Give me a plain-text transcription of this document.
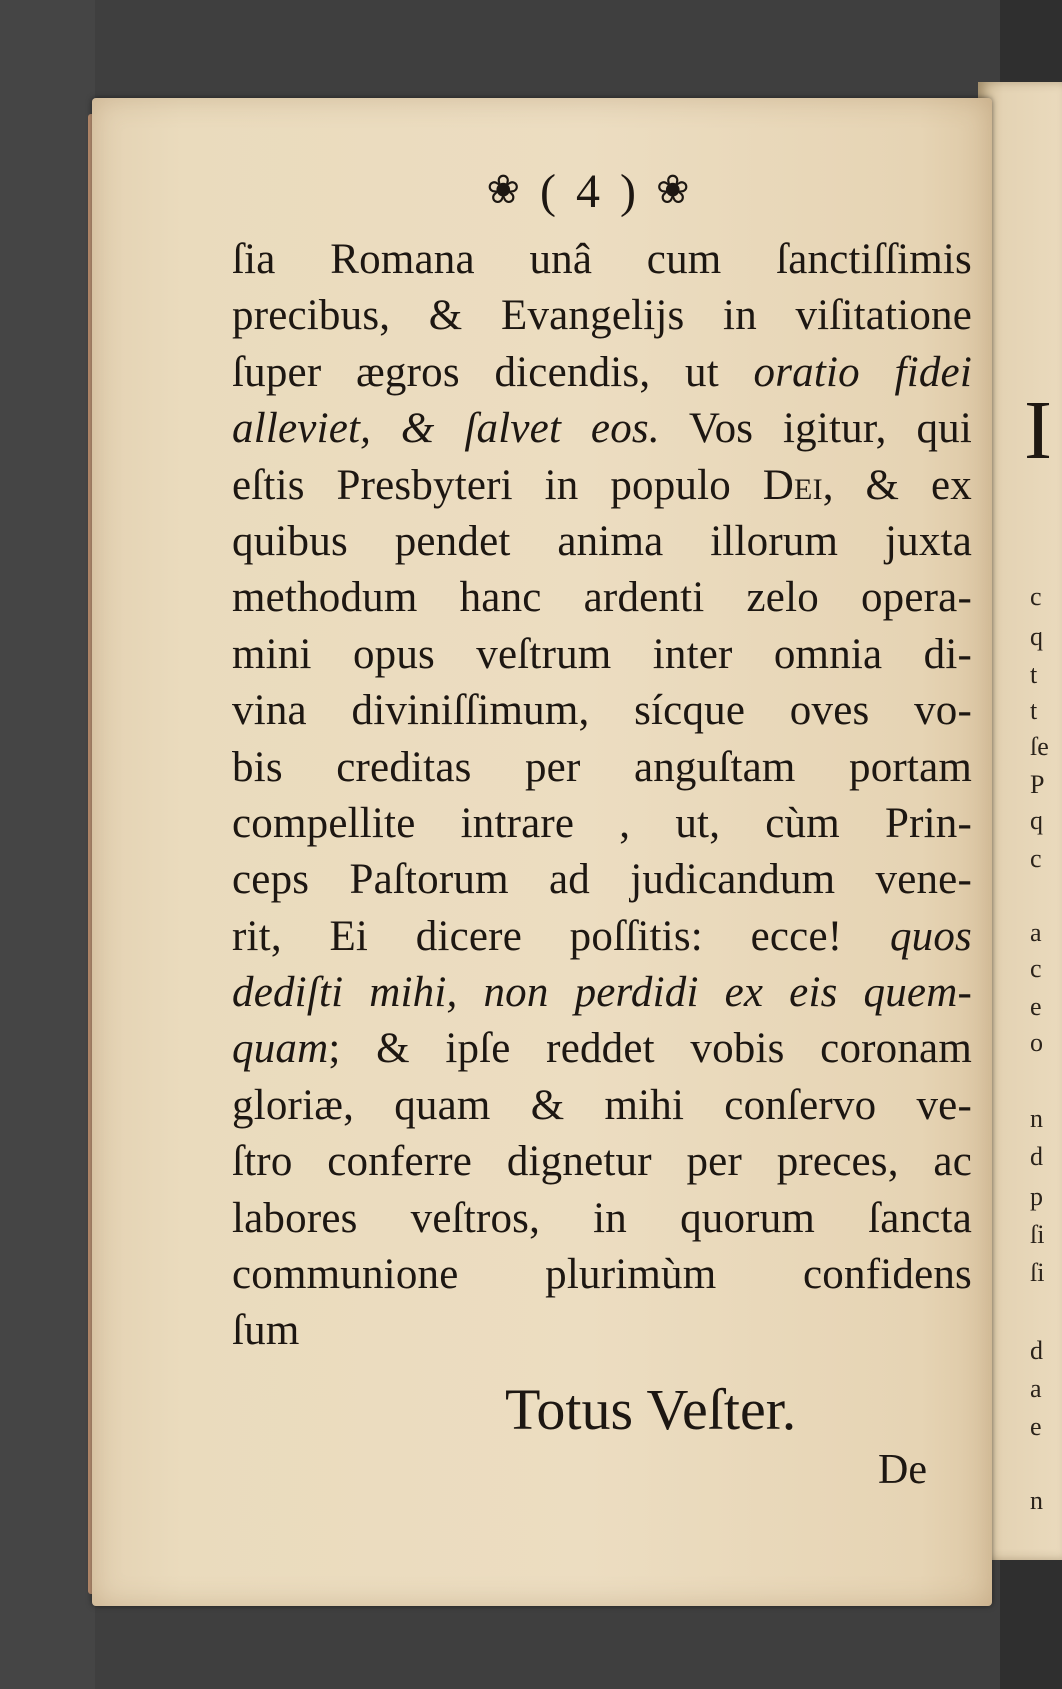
I
c
q
t
t
ſe
P
q
c
a
c
e
o
n
d
p
ſi
ſi
d
a
e
n
❀ ( 4 ) ❀
ſia Romana unâ cum ſanctiſſimis
precibus, & Evangelijs in viſitatione
ſuper ægros dicendis, ut oratio fidei
alleviet, & ſalvet eos. Vos igitur, qui
eſtis Presbyteri in populo Dei, & ex
quibus pendet anima illorum juxta
methodum hanc ardenti zelo opera-
mini opus veſtrum inter omnia di-
vina diviniſſimum, sícque oves vo-
bis creditas per anguſtam portam
compellite intrare , ut, cùm Prin-
ceps Paſtorum ad judicandum vene-
rit, Ei dicere poſſitis: ecce! quos
dediſti mihi, non perdidi ex eis quem-
quam; & ipſe reddet vobis coronam
gloriæ, quam & mihi conſervo ve-
ſtro conferre dignetur per preces, ac
labores veſtros, in quorum ſancta
communione plurimùm confidens
ſum
Totus Veſter.
De
